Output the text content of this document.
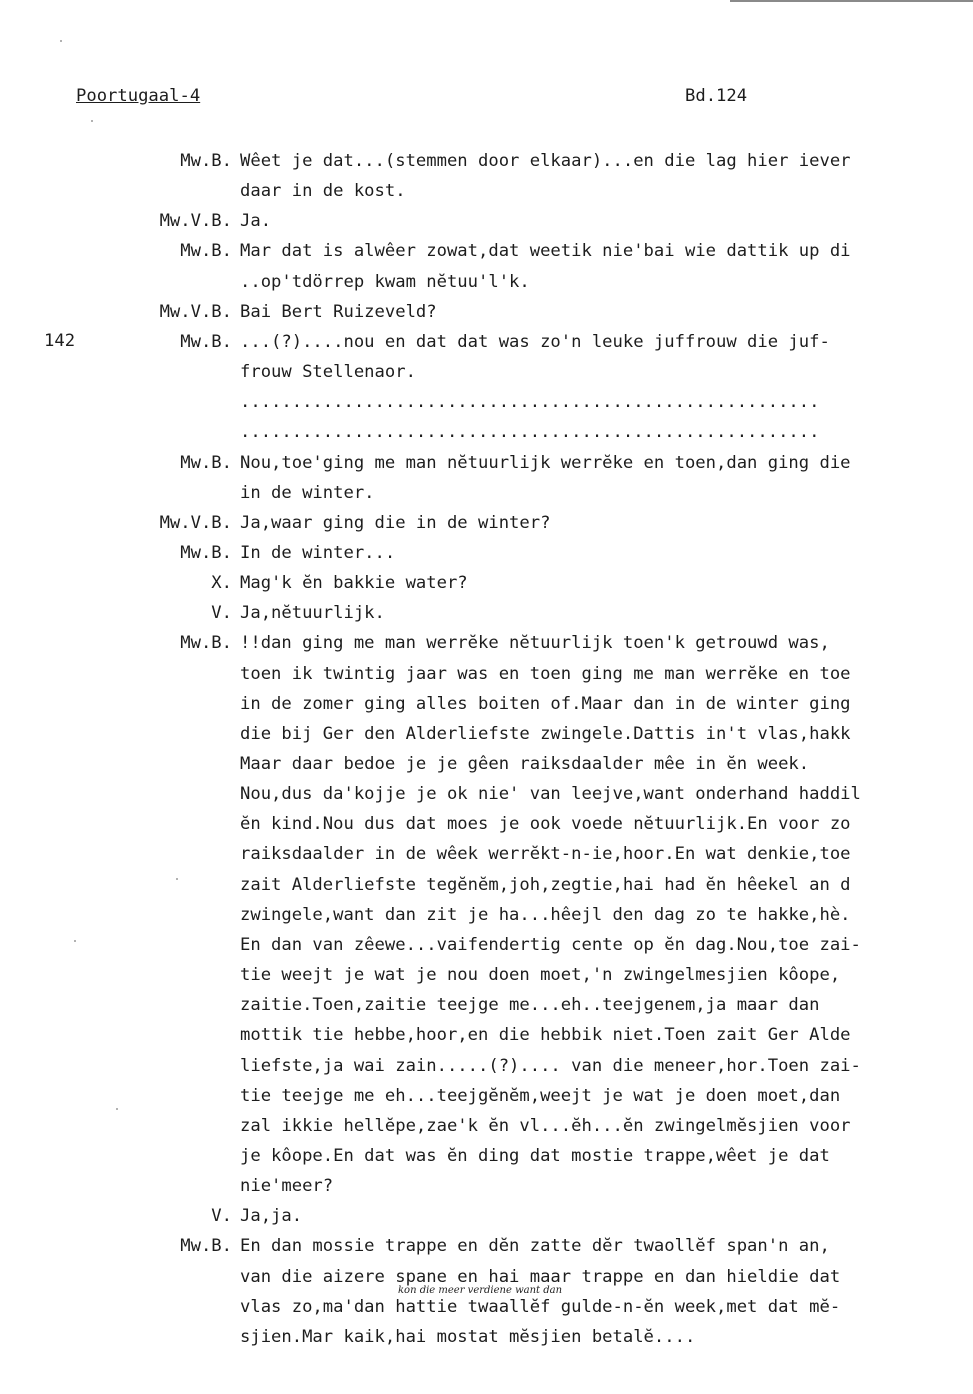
Poortugaal-4	Bd.124
142
Mw.B. Wêet je dat...(stemmen door elkaar)...en die lag hier iever
daar in de kost.
Mw.V.B. Ja.
Mw.B. Mar dat is alwêer zowat,dat weetik nie'bai wie dattik up di
..op'tdörrep kwam nĕtuu'l'k.
Mw.V.B. Bai Bert Ruizeveld?
Mw.B. ...(?)....nou en dat dat was zo'n leuke juffrouw die juf-
frouw Stellenaor.
........................................................
........................................................
Mw.B. Nou,toe'ging me man nĕtuurlijk werrĕke en toen,dan ging die
in de winter.
Mw.V.B. Ja,waar ging die in de winter?
Mw.B. In de winter...
X. Mag'k ĕn bakkie water?
V. Ja,nĕtuurlijk.
Mw.B. !!dan ging me man werrĕke nĕtuurlijk toen'k getrouwd was,
toen ik twintig jaar was en toen ging me man werrĕke en toe
in de zomer ging alles boiten of.Maar dan in de winter ging
die bij Ger den Alderliefste zwingele.Dattis in't vlas,hakk
Maar daar bedoe je je gêen raiksdaalder mêe in ĕn week.
Nou,dus da'kojje je ok nie' van leejve,want onderhand haddil
ĕn kind.Nou dus dat moes je ook voede nĕtuurlijk.En voor zo
raiksdaalder in de wêek werrĕkt-n-ie,hoor.En wat denkie,toe
zait Alderliefste tegĕnĕm,joh,zegtie,hai had ĕn hêekel an d
zwingele,want dan zit je ha...hêejl den dag zo te hakke,hè.
En dan van zêewe...vaifendertig cente op ĕn dag.Nou,toe zai-
tie weejt je wat je nou doen moet,'n zwingelmesjien kôope,
zaitie.Toen,zaitie teejge me...eh..teejgenem,ja maar dan
mottik tie hebbe,hoor,en die hebbik niet.Toen zait Ger Alde
liefste,ja wai zain.....(?).... van die meneer,hor.Toen zai-
tie teejge me eh...teejgĕnĕm,weejt je wat je doen moet,dan
zal ikkie hellĕpe,zae'k ĕn vl...ĕh...ĕn zwingelmĕsjien voor
je kôope.En dat was ĕn ding dat mostie trappe,wêet je dat
nie'meer?
V. Ja,ja.
Mw.B. En dan mossie trappe en dĕn zatte dĕr twaollĕf span'n an,
van die aizere spane en hai maar trappe en dan hieldie dat
vlas zo,ma'dan hattie twaallĕf gulde-n-ĕn week,met dat mĕ-
sjien.Mar kaik,hai mostat mĕsjien betalĕ....
kon die meer verdiene want dan
